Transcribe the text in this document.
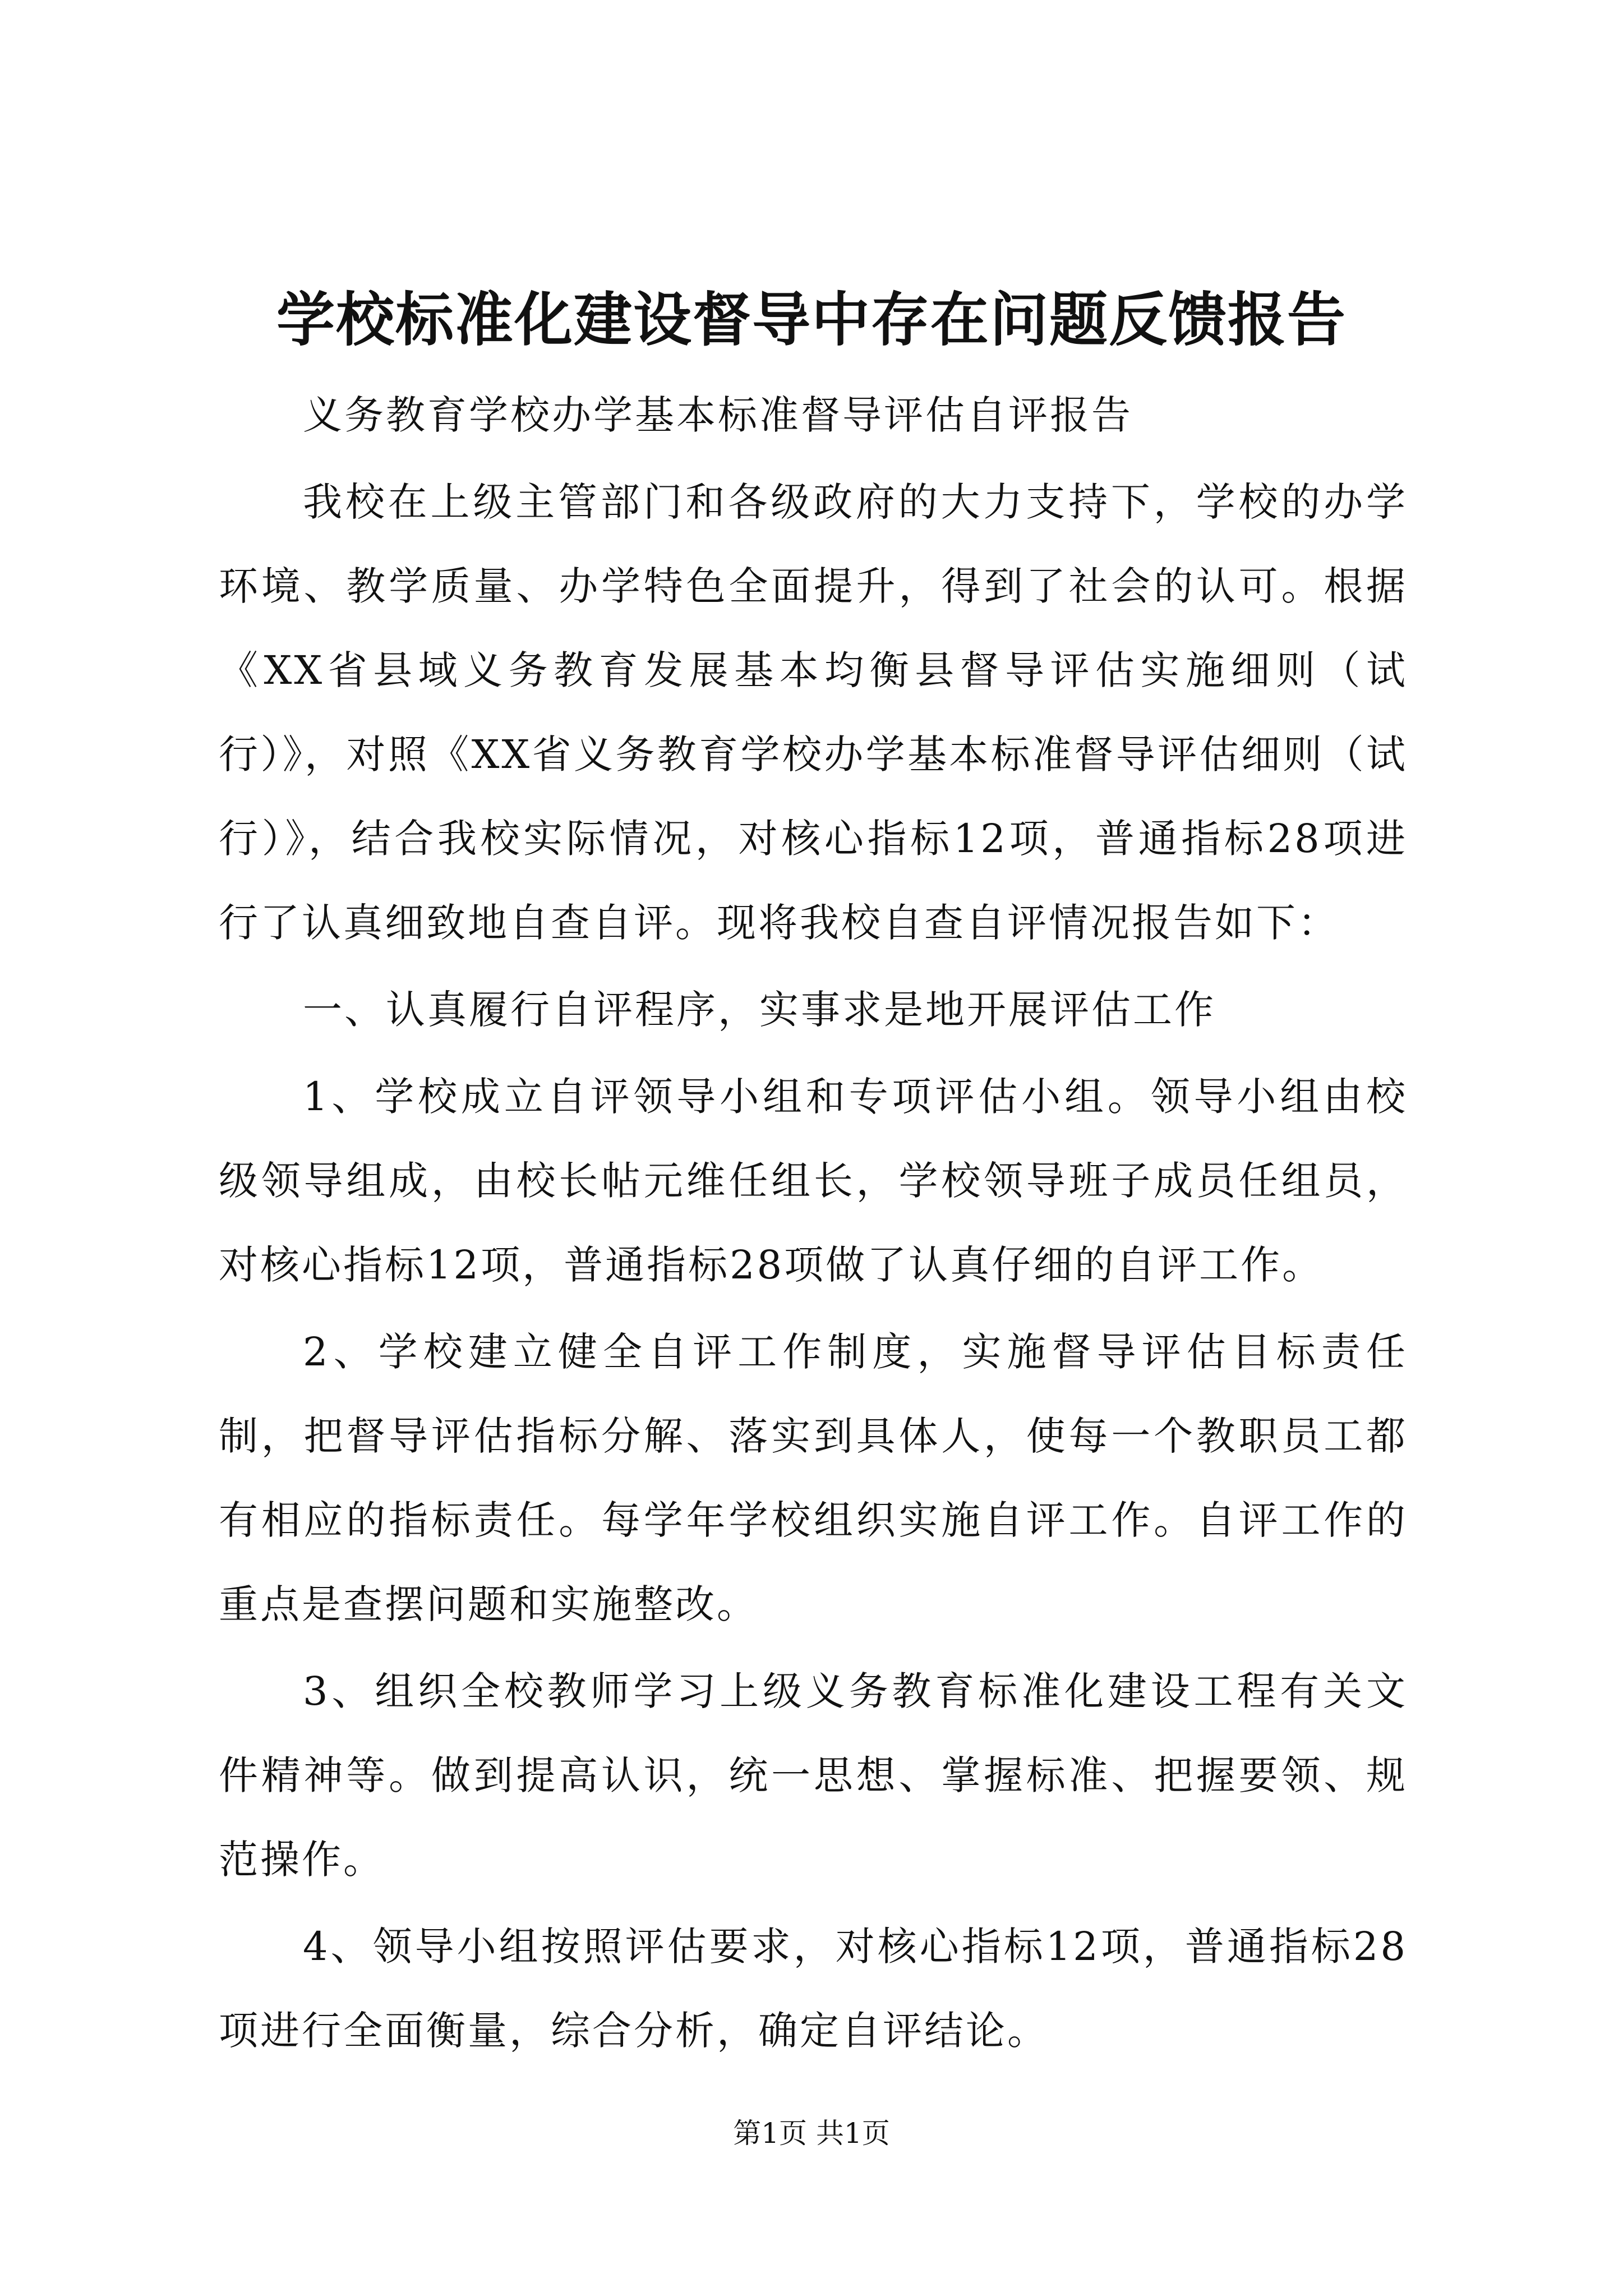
学校标准化建设督导中存在问题反馈报告

义务教育学校办学基本标准督导评估自评报告

我校在上级主管部门和各级政府的大力支持下，学校的办学环境、教学质量、办学特色全面提升，得到了社会的认可。根据《XX省县域义务教育发展基本均衡县督导评估实施细则（试行）》，对照《XX省义务教育学校办学基本标准督导评估细则（试行）》，结合我校实际情况，对核心指标12项，普通指标28项进行了认真细致地自查自评。现将我校自查自评情况报告如下：

一、认真履行自评程序，实事求是地开展评估工作

1、学校成立自评领导小组和专项评估小组。领导小组由校级领导组成，由校长帖元维任组长，学校领导班子成员任组员，对核心指标12项，普通指标28项做了认真仔细的自评工作。

2、学校建立健全自评工作制度，实施督导评估目标责任制，把督导评估指标分解、落实到具体人，使每一个教职员工都有相应的指标责任。每学年学校组织实施自评工作。自评工作的重点是查摆问题和实施整改。

3、组织全校教师学习上级义务教育标准化建设工程有关文件精神等。做到提高认识，统一思想、掌握标准、把握要领、规范操作。

4、领导小组按照评估要求，对核心指标12项，普通指标28项进行全面衡量，综合分析，确定自评结论。

第1页 共1页
